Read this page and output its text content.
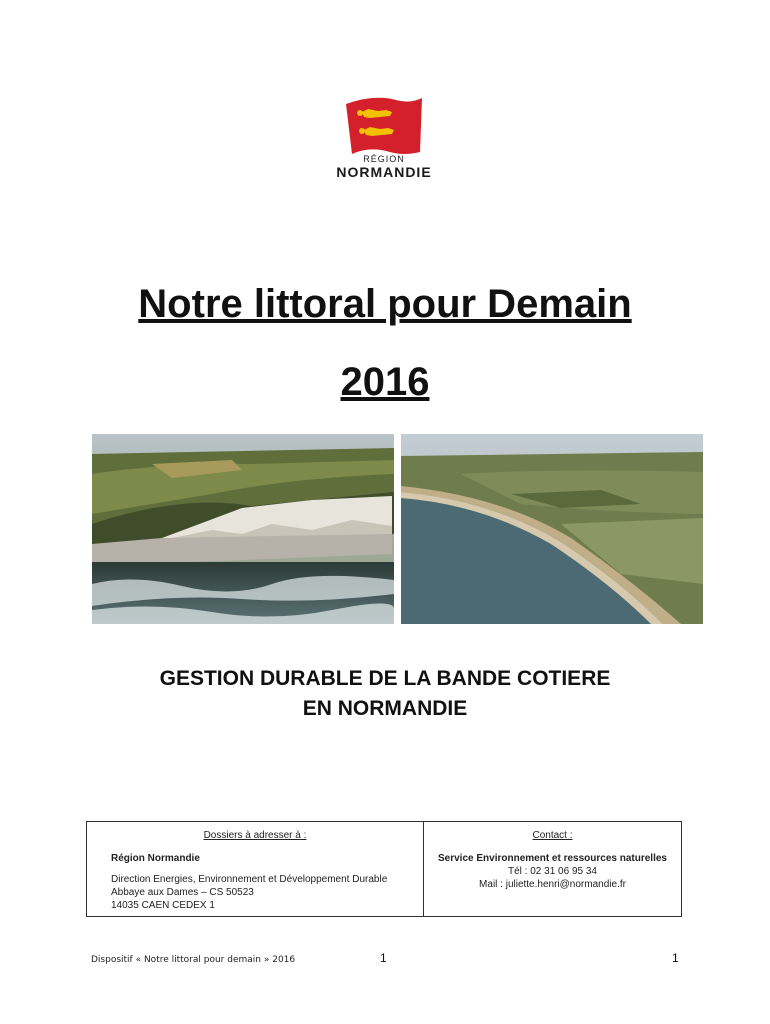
RÉGION
NORMANDIE
Notre littoral pour Demain
2016
GESTION DURABLE DE LA BANDE COTIERE
EN NORMANDIE
Dossiers à adresser à :
Région Normandie
Direction Energies, Environnement et Développement Durable
Abbaye aux Dames – CS 50523
14035 CAEN CEDEX 1
Contact :
Service Environnement et ressources naturelles
Tél : 02 31 06 95 34
Mail : juliette.henri@normandie.fr
Dispositif « Notre littoral pour demain » 2016	1	1
